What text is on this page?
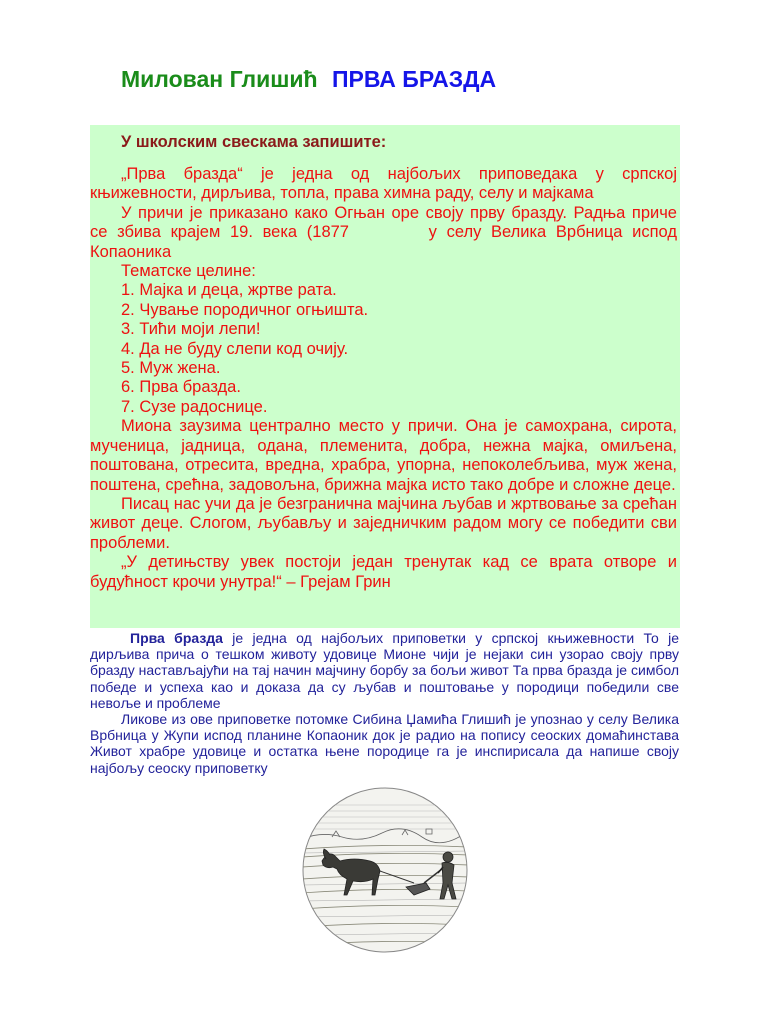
Милован Глишић ПРВА БРАЗДА
У школским свескама запишите:

„Прва бразда“ је једна од најбољих приповедака у српској књижевности, дирљива, топла, права химна раду, селу и мајкама

У причи је приказано како Огњан оре своју прву бразду. Радња приче се збива крајем 19. века (1877	у селу Велика Врбница испод Копаоника

Тематске целине:

1. Мајка и деца, жртве рата.

2. Чување породичног огњишта.

3. Тићи моји лепи!

4. Да не буду слепи код очију.

5. Муж жена.

6. Прва бразда.

7. Сузе радоснице.

Миона заузима централно место у причи. Она је самохрана, сирота, мученица, јадница, одана, племенита, добра, нежна мајка, омиљена, поштована, отресита, вредна, храбра, упорна, непоколебљива, муж жена, поштена, срећна, задовољна, брижна мајка исто тако добре и сложне деце.

Писац нас учи да је безгранична мајчина љубав и жртвовање за срећан живот деце. Слогом, љубављу и заједничким радом могу се победити сви проблеми.

„У детињству увек постоји један тренутак кад се врата отворе и будућност крочи унутра!“ – Грејам Грин

Прва бразда је једна од најбољих приповетки у српској књижевности То је дирљива прича о тешком животу удовице Мионе чији је нејаки син узорао своју прву бразду настављајући на тај начин мајчину борбу за бољи живот Та прва бразда је симбол победе и успеха као и доказа да су љубав и поштовање у породици победили све невоље и проблеме

Ликове из ове приповетке потомке Сибина Џамића Глишић је упознао у селу Велика Врбница у Жупи испод планине Копаоник док је радио на попису сеоских домаћинстава Живот храбре удовице и остатка њене породице га је инспирисала да напише своју најбољу сеоску приповетку
